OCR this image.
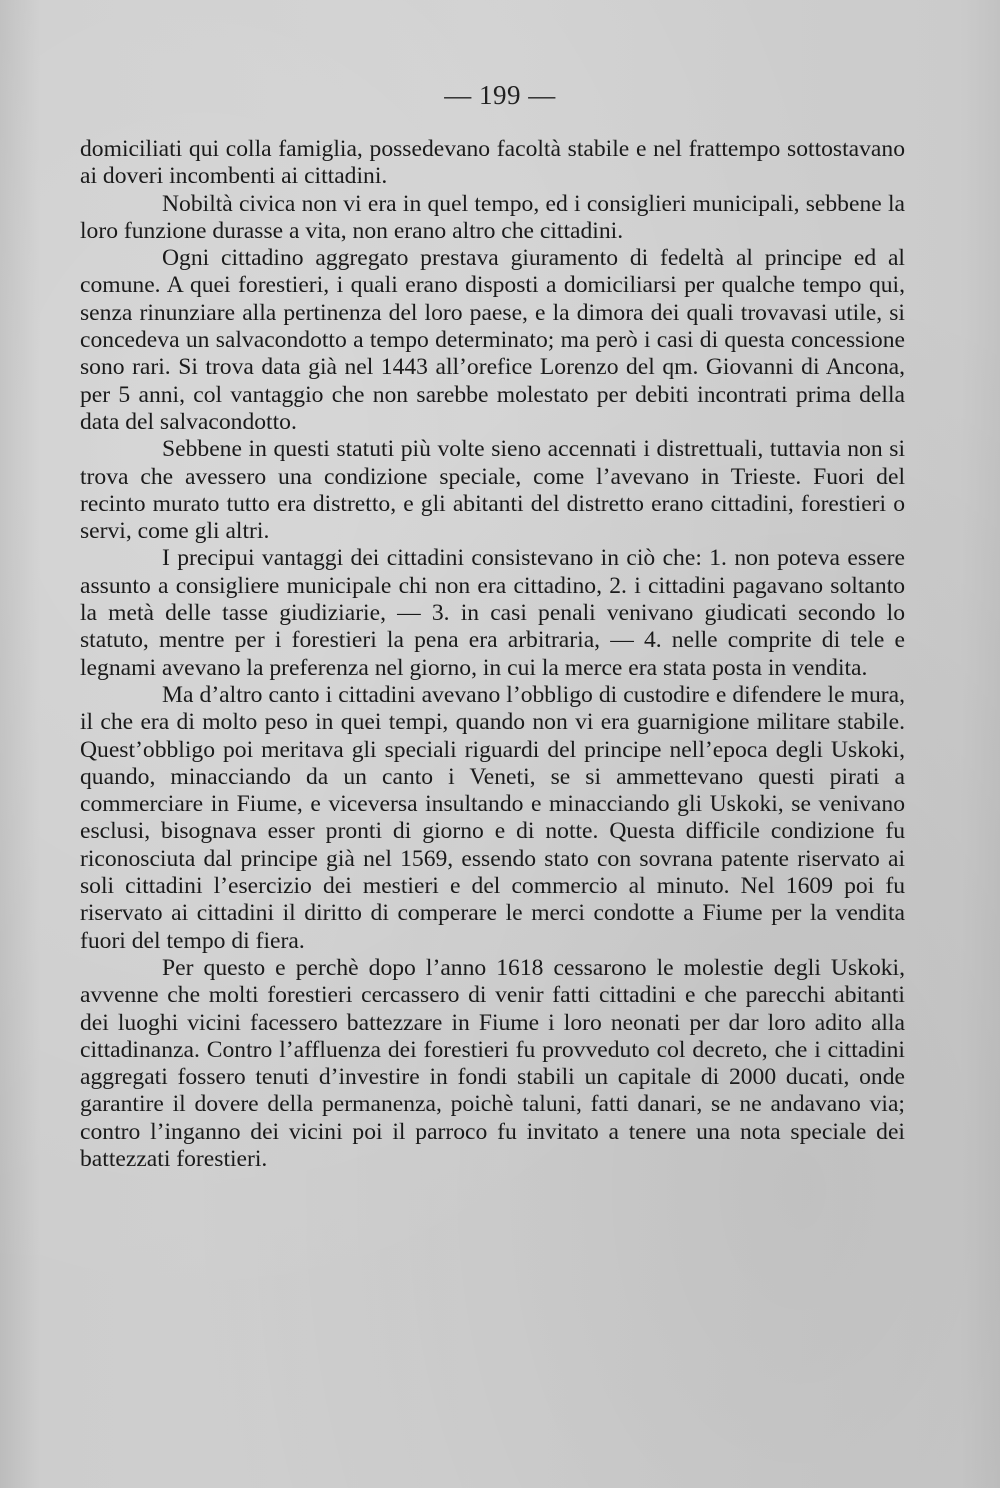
— 199 —

domiciliati qui colla famiglia, possedevano facoltà stabile e nel frattempo sottostavano ai doveri incombenti ai cittadini.

Nobiltà civica non vi era in quel tempo, ed i consiglieri municipali, sebbene la loro funzione durasse a vita, non erano altro che cittadini.

Ogni cittadino aggregato prestava giuramento di fedeltà al principe ed al comune. A quei forestieri, i quali erano disposti a domiciliarsi per qualche tempo qui, senza rinunziare alla pertinenza del loro paese, e la dimora dei quali trovavasi utile, si concedeva un salvacondotto a tempo determinato; ma però i casi di questa concessione sono rari. Si trova data già nel 1443 all’orefice Lorenzo del qm. Giovanni di Ancona, per 5 anni, col vantaggio che non sarebbe molestato per debiti incontrati prima della data del salvacondotto.

Sebbene in questi statuti più volte sieno accennati i distrettuali, tuttavia non si trova che avessero una condizione speciale, come l’avevano in Trieste. Fuori del recinto murato tutto era distretto, e gli abitanti del distretto erano cittadini, forestieri o servi, come gli altri.

I precipui vantaggi dei cittadini consistevano in ciò che: 1. non poteva essere assunto a consigliere municipale chi non era cittadino, 2. i cittadini pagavano soltanto la metà delle tasse giudiziarie, — 3. in casi penali venivano giudicati secondo lo statuto, mentre per i forestieri la pena era arbitraria, — 4. nelle comprite di tele e legnami avevano la preferenza nel giorno, in cui la merce era stata posta in vendita.

Ma d’altro canto i cittadini avevano l’obbligo di custodire e difendere le mura, il che era di molto peso in quei tempi, quando non vi era guarnigione militare stabile. Quest’obbligo poi meritava gli speciali riguardi del principe nell’epoca degli Uskoki, quando, minacciando da un canto i Veneti, se si ammettevano questi pirati a commerciare in Fiume, e viceversa insultando e minacciando gli Uskoki, se venivano esclusi, bisognava esser pronti di giorno e di notte. Questa difficile condizione fu riconosciuta dal principe già nel 1569, essendo stato con sovrana patente riservato ai soli cittadini l’esercizio dei mestieri e del commercio al minuto. Nel 1609 poi fu riservato ai cittadini il diritto di comperare le merci condotte a Fiume per la vendita fuori del tempo di fiera.

Per questo e perchè dopo l’anno 1618 cessarono le molestie degli Uskoki, avvenne che molti forestieri cercassero di venir fatti cittadini e che parecchi abitanti dei luoghi vicini facessero battezzare in Fiume i loro neonati per dar loro adito alla cittadinanza. Contro l’affluenza dei forestieri fu provveduto col decreto, che i cittadini aggregati fossero tenuti d’investire in fondi stabili un capitale di 2000 ducati, onde garantire il dovere della permanenza, poichè taluni, fatti danari, se ne andavano via; contro l’inganno dei vicini poi il parroco fu invitato a tenere una nota speciale dei battezzati forestieri.
